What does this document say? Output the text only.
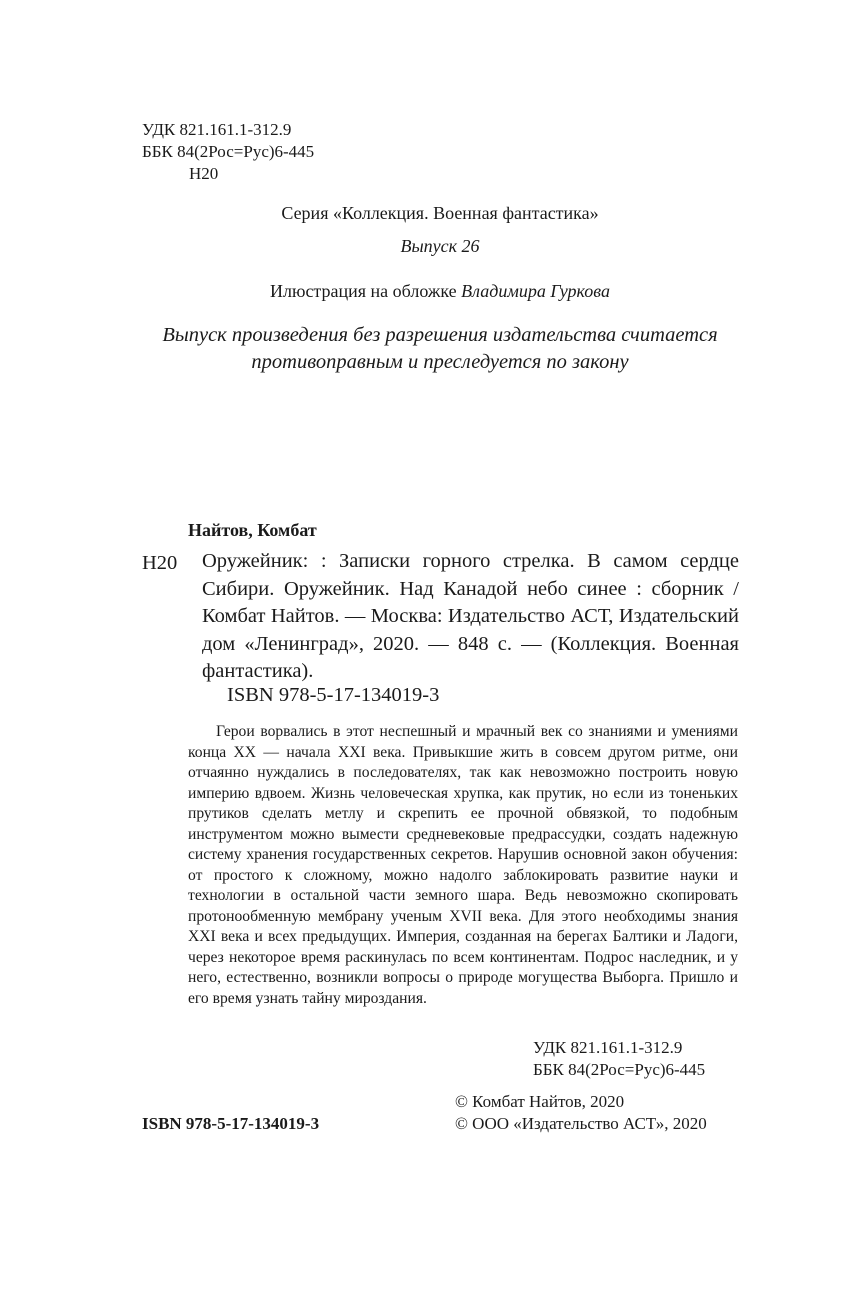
УДК 821.161.1-312.9
ББК 84(2Рос=Рус)6-445
Н20
Серия «Коллекция. Военная фантастика»
Выпуск 26
Илюстрация на обложке Владимира Гуркова
Выпуск произведения без разрешения издательства считается противоправным и преследуется по закону
Найтов, Комбат
Н20 Оружейник: : Записки горного стрелка. В самом сердце Сибири. Оружейник. Над Канадой небо синее : сборник / Комбат Найтов. — Москва: Издательство АСТ, Издательский дом «Ленинград», 2020. — 848 с. — (Коллекция. Военная фантастика).
ISBN 978-5-17-134019-3
Герои ворвались в этот неспешный и мрачный век со знаниями и умениями конца XX — начала XXI века. Привыкшие жить в совсем другом ритме, они отчаянно нуждались в последователях, так как невозможно построить новую империю вдвоем. Жизнь человеческая хрупка, как прутик, но если из тоненьких прутиков сделать метлу и скрепить ее прочной обвязкой, то подобным инструментом можно вымести средневековые предрассудки, создать надежную систему хранения государственных секретов. Нарушив основной закон обучения: от простого к сложному, можно надолго заблокировать развитие науки и технологии в остальной части земного шара. Ведь невозможно скопировать протонообменную мембрану ученым XVII века. Для этого необходимы знания XXI века и всех предыдущих. Империя, созданная на берегах Балтики и Ладоги, через некоторое время раскинулась по всем континентам. Подрос наследник, и у него, естественно, возникли вопросы о природе могущества Выборга. Пришло и его время узнать тайну мироздания.
УДК 821.161.1-312.9
ББК 84(2Рос=Рус)6-445
© Комбат Найтов, 2020
ISBN 978-5-17-134019-3	© ООО «Издательство АСТ», 2020
